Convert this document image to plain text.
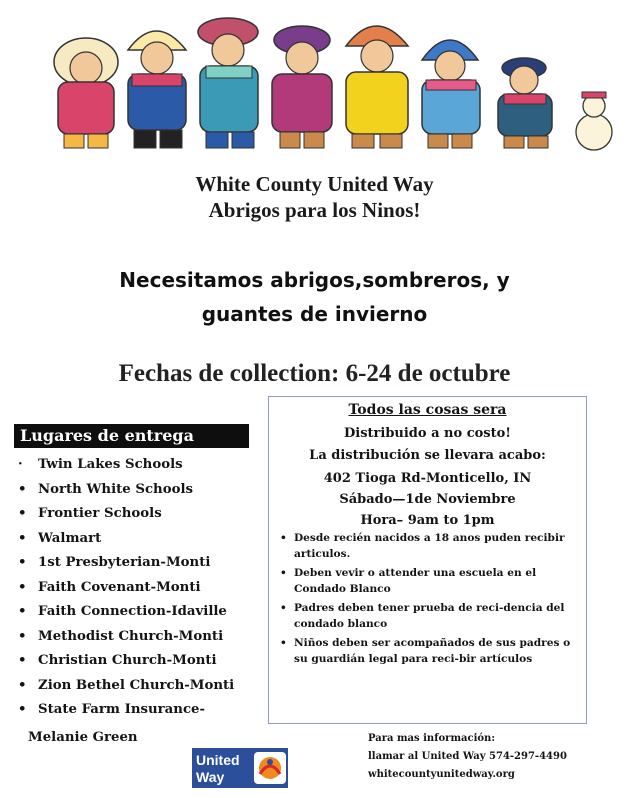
White County United Way
Abrigos para los Ninos!
Necesitamos abrigos,sombreros, y
guantes de invierno
Fechas de collection: 6-24 de octubre
Lugares de entrega
· Twin Lakes Schools
• North White Schools
• Frontier Schools
• Walmart
• 1st Presbyterian-Monti
• Faith Covenant-Monti
• Faith Connection-Idaville
• Methodist Church-Monti
• Christian Church-Monti
• Zion Bethel Church-Monti
• State Farm Insurance-
Melanie Green
Todos las cosas sera
Distribuido a no costo!
La distribución se llevara acabo:
402 Tioga Rd-Monticello, IN
Sábado—1de Noviembre
Hora– 9am to 1pm
• Desde recién nacidos a 18 anos puden recibir articulos.
• Deben vevir o attender una escuela en el Condado Blanco
• Padres deben tener prueba de reci-dencia del condado blanco
• Niños deben ser acompañados de sus padres o su guardián legal para reci-bir artículos
United
Way
Para mas información:
llamar al United Way 574-297-4490
whitecountyunitedway.org
